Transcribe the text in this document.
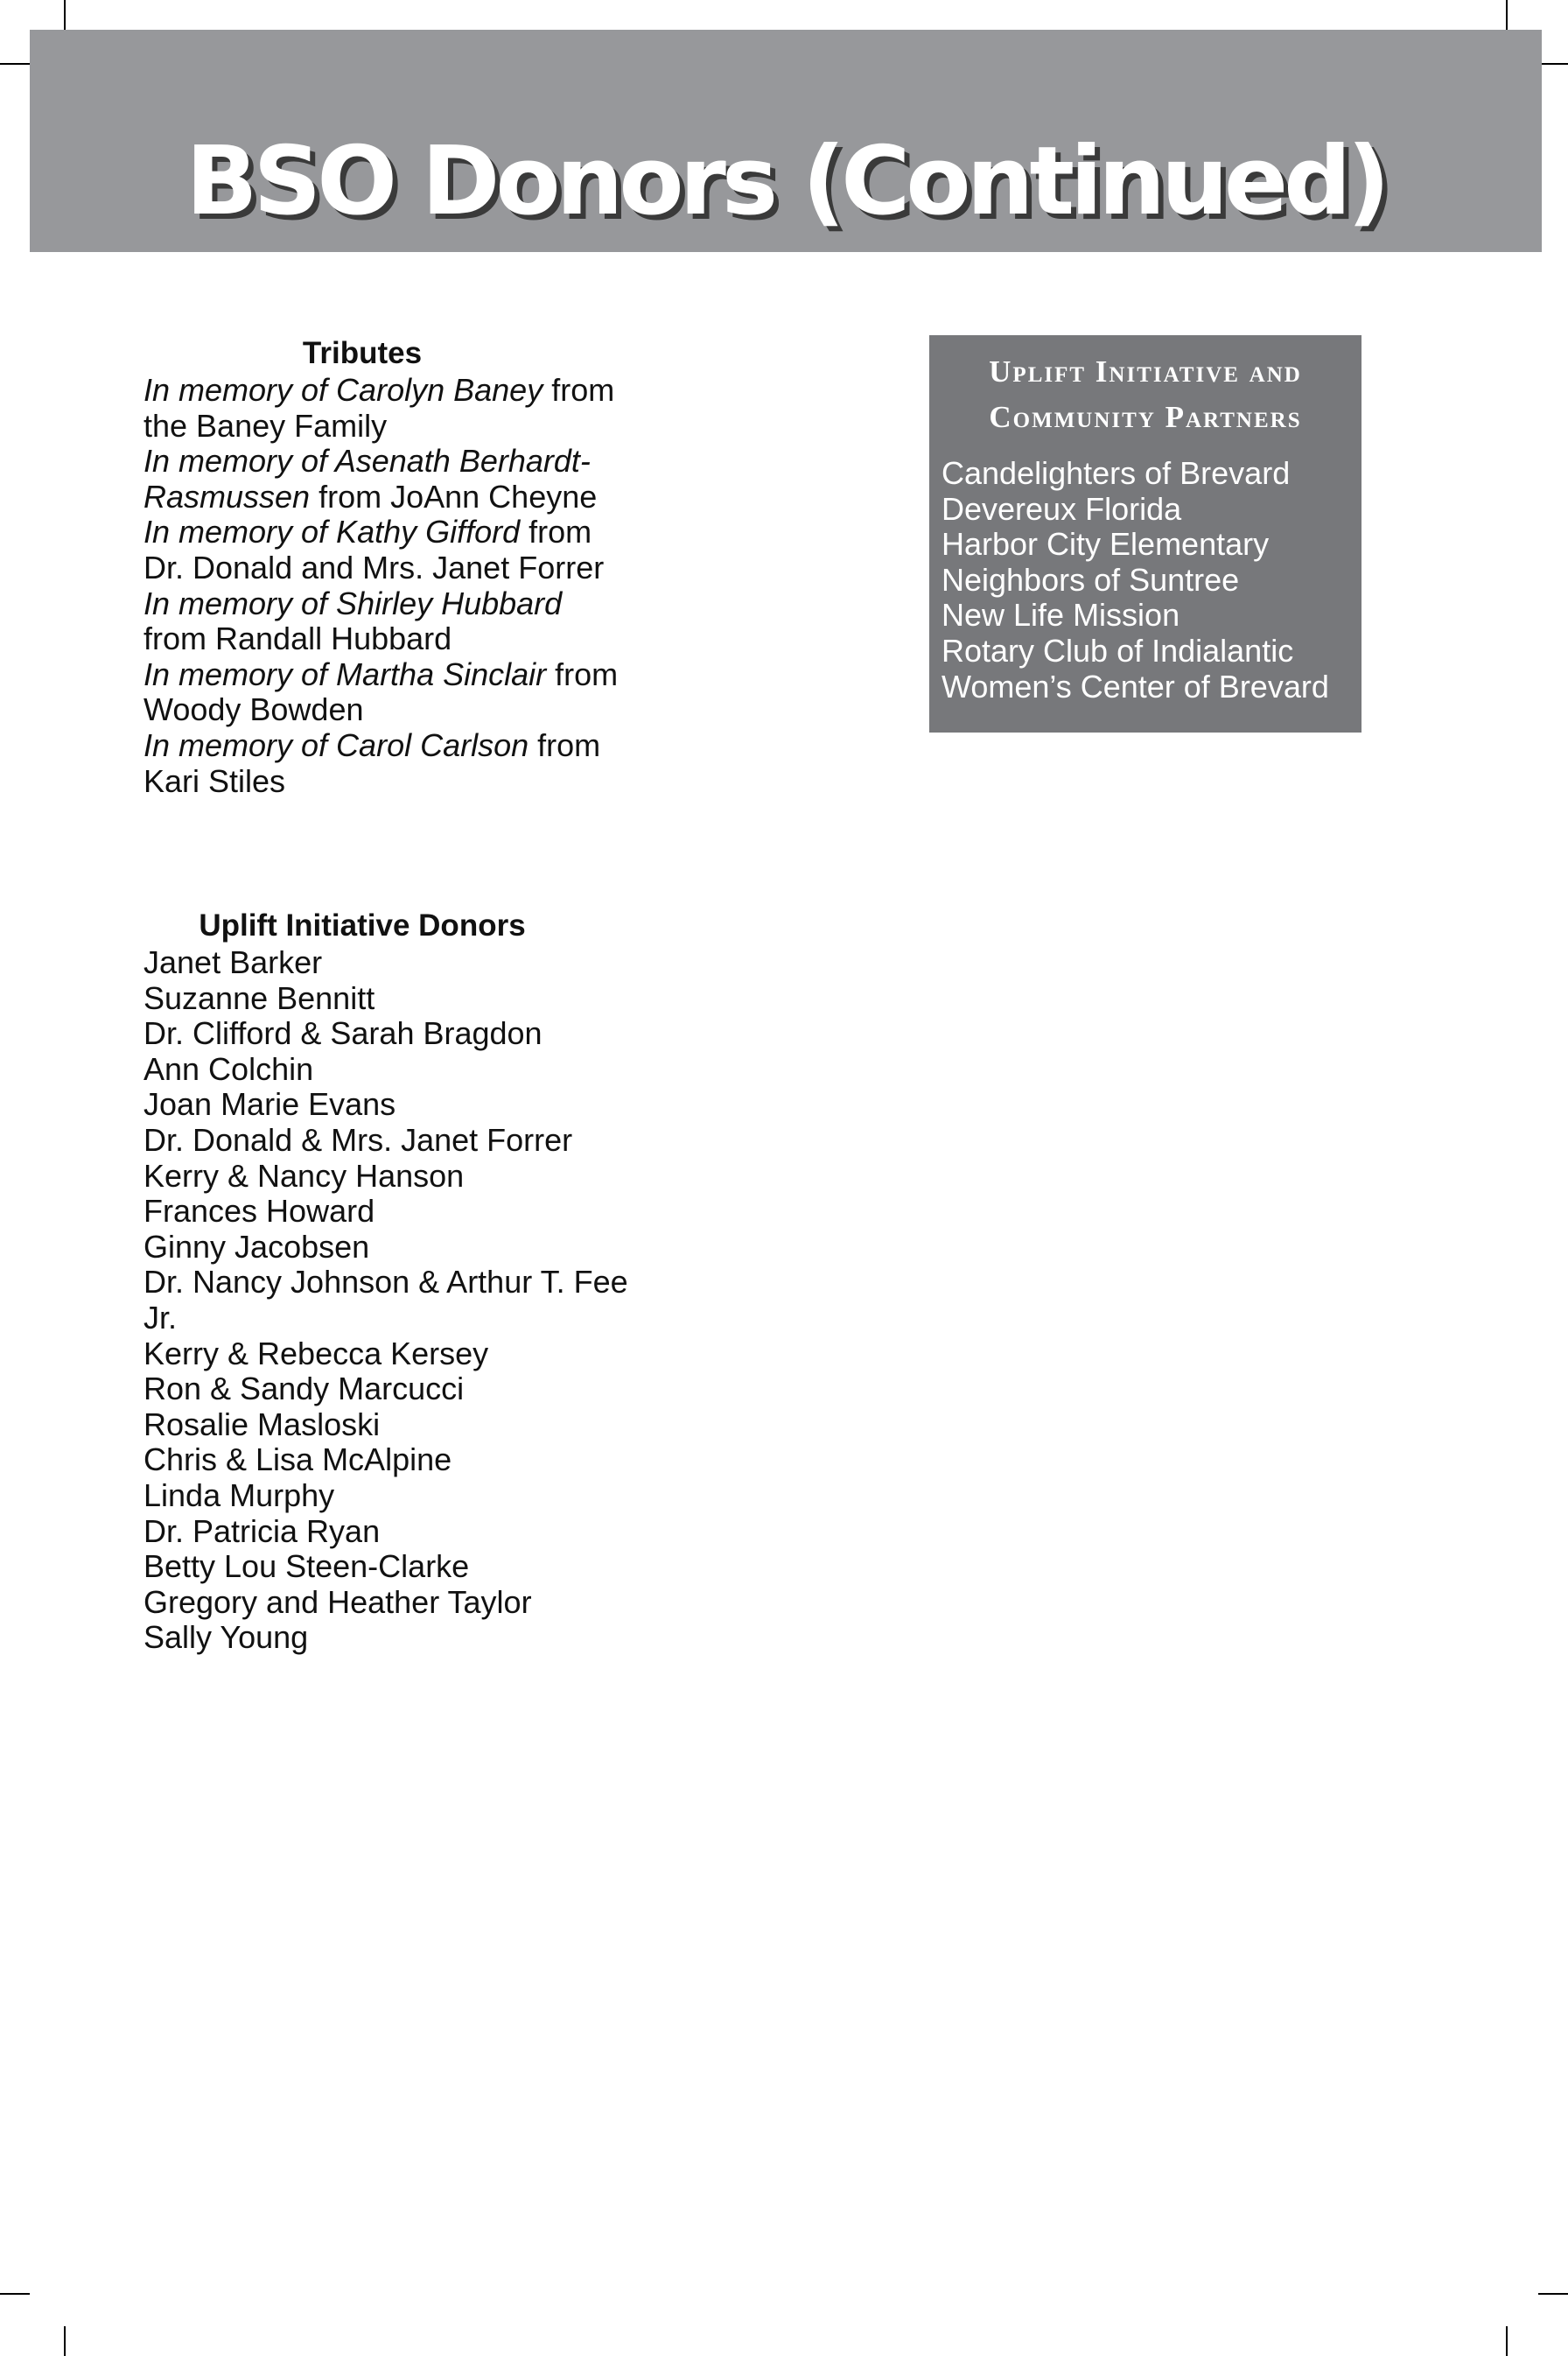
BSO Donors (Continued)
Tributes
In memory of Carolyn Baney from the Baney Family
In memory of Asenath Berhardt-Rasmussen from JoAnn Cheyne
In memory of Kathy Gifford from Dr. Donald and Mrs. Janet Forrer
In memory of Shirley Hubbard from Randall Hubbard
In memory of Martha Sinclair from Woody Bowden
In memory of Carol Carlson from Kari Stiles
Uplift Initiative Donors
Janet Barker
Suzanne Bennitt
Dr. Clifford & Sarah Bragdon
Ann Colchin
Joan Marie Evans
Dr. Donald & Mrs. Janet Forrer
Kerry & Nancy Hanson
Frances Howard
Ginny Jacobsen
Dr. Nancy Johnson & Arthur T. Fee Jr.
Kerry & Rebecca Kersey
Ron & Sandy Marcucci
Rosalie Masloski
Chris & Lisa McAlpine
Linda Murphy
Dr. Patricia Ryan
Betty Lou Steen-Clarke
Gregory and Heather Taylor
Sally Young
Uplift Initiative and
Community Partners
Candelighters of Brevard
Devereux Florida
Harbor City Elementary
Neighbors of Suntree
New Life Mission
Rotary Club of Indialantic
Women’s Center of Brevard
